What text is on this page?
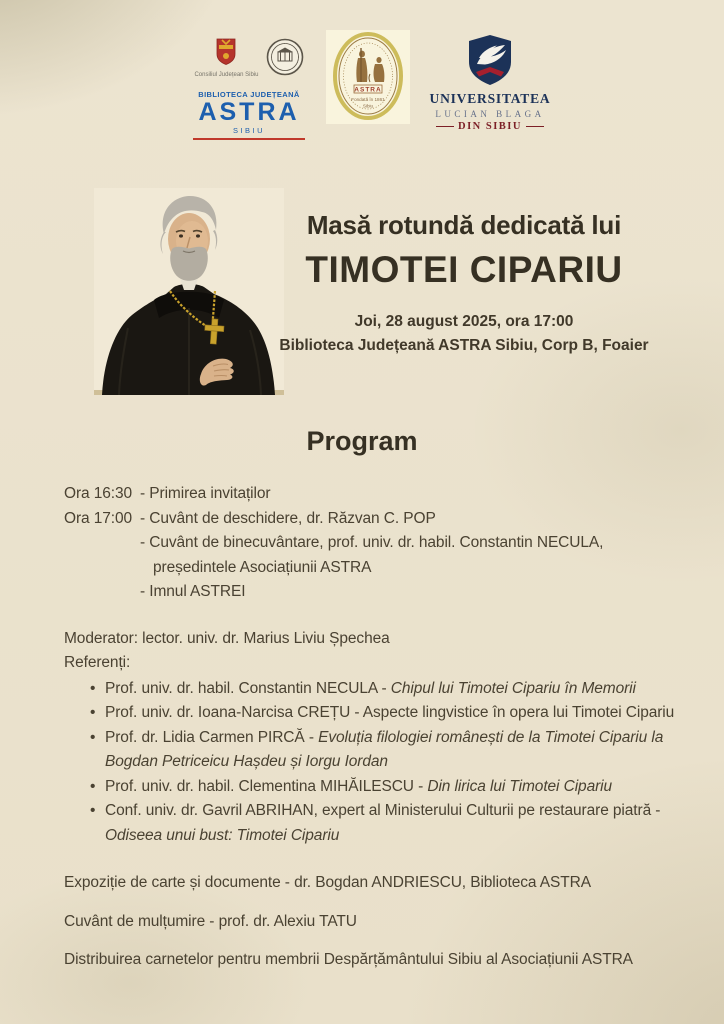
Consiliul Județean Sibiu
BIBLIOTECA JUDEȚEANĂ
ASTRA
SIBIU
ASTRA
Fondată în 1861
Sibiu	UNIVERSITATEA
LUCIAN BLAGA
DIN SIBIU
Masă rotundă dedicată lui
TIMOTEI CIPARIU
Joi, 28 august 2025, ora 17:00
Biblioteca Județeană ASTRA Sibiu, Corp B, Foaier
Program
Ora 16:30 - Primirea invitaților
Ora 17:00 - Cuvânt de deschidere, dr. Răzvan C. POP
- Cuvânt de binecuvântare, prof. univ. dr. habil. Constantin NECULA, președintele Asociațiunii ASTRA
- Imnul ASTREI
Moderator: lector. univ. dr. Marius Liviu Șpechea
Referenți:
• Prof. univ. dr. habil. Constantin NECULA - Chipul lui Timotei Cipariu în Memorii
• Prof. univ. dr. Ioana-Narcisa CREȚU - Aspecte lingvistice în opera lui Timotei Cipariu
• Prof. dr. Lidia Carmen PIRCĂ - Evoluția filologiei românești de la Timotei Cipariu la Bogdan Petriceicu Hașdeu și Iorgu Iordan
• Prof. univ. dr. habil. Clementina MIHĂILESCU - Din lirica lui Timotei Cipariu
• Conf. univ. dr. Gavril ABRIHAN, expert al Ministerului Culturii pe restaurare piatră - Odiseea unui bust: Timotei Cipariu

Expoziție de carte și documente - dr. Bogdan ANDRIESCU, Biblioteca ASTRA

Cuvânt de mulțumire - prof. dr. Alexiu TATU

Distribuirea carnetelor pentru membrii Despărțământului Sibiu al Asociațiunii ASTRA
